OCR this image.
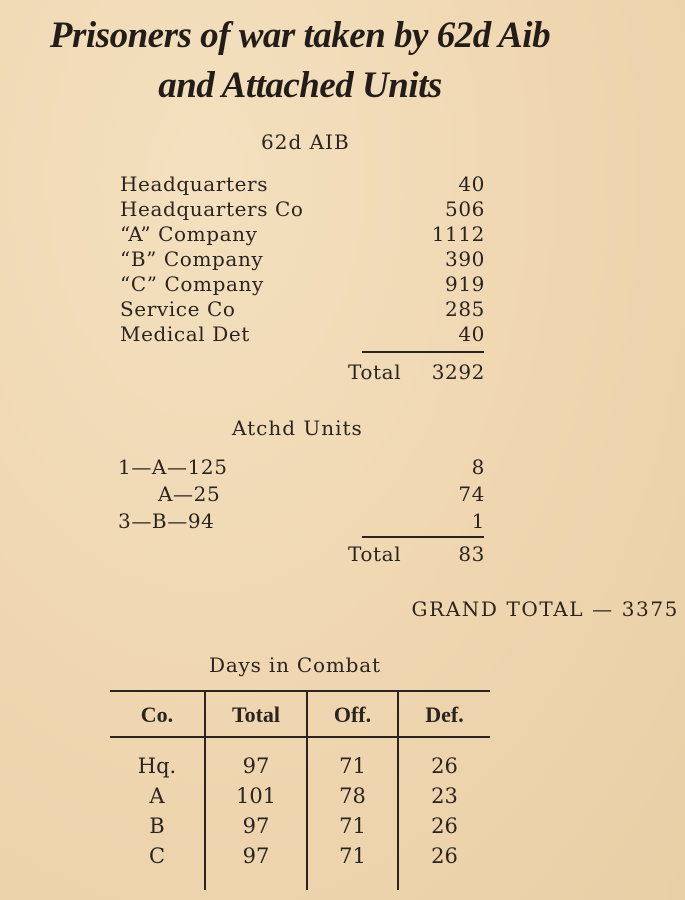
Prisoners of war taken by 62d Aib
and Attached Units
62d AIB
Headquarters	40
Headquarters Co	506
“A” Company	1112
“B” Company	390
“C” Company	919
Service Co	285
Medical Det	40
Total 3292
Atchd Units
1—A—125	8
A—25	74
3—B—94	1
Total	83
GRAND TOTAL — 3375
Days in Combat
Co.	Total	Off.	Def.
Hq.	97	71	26
A	101	78	23
B	97	71	26
C	97	71	26
